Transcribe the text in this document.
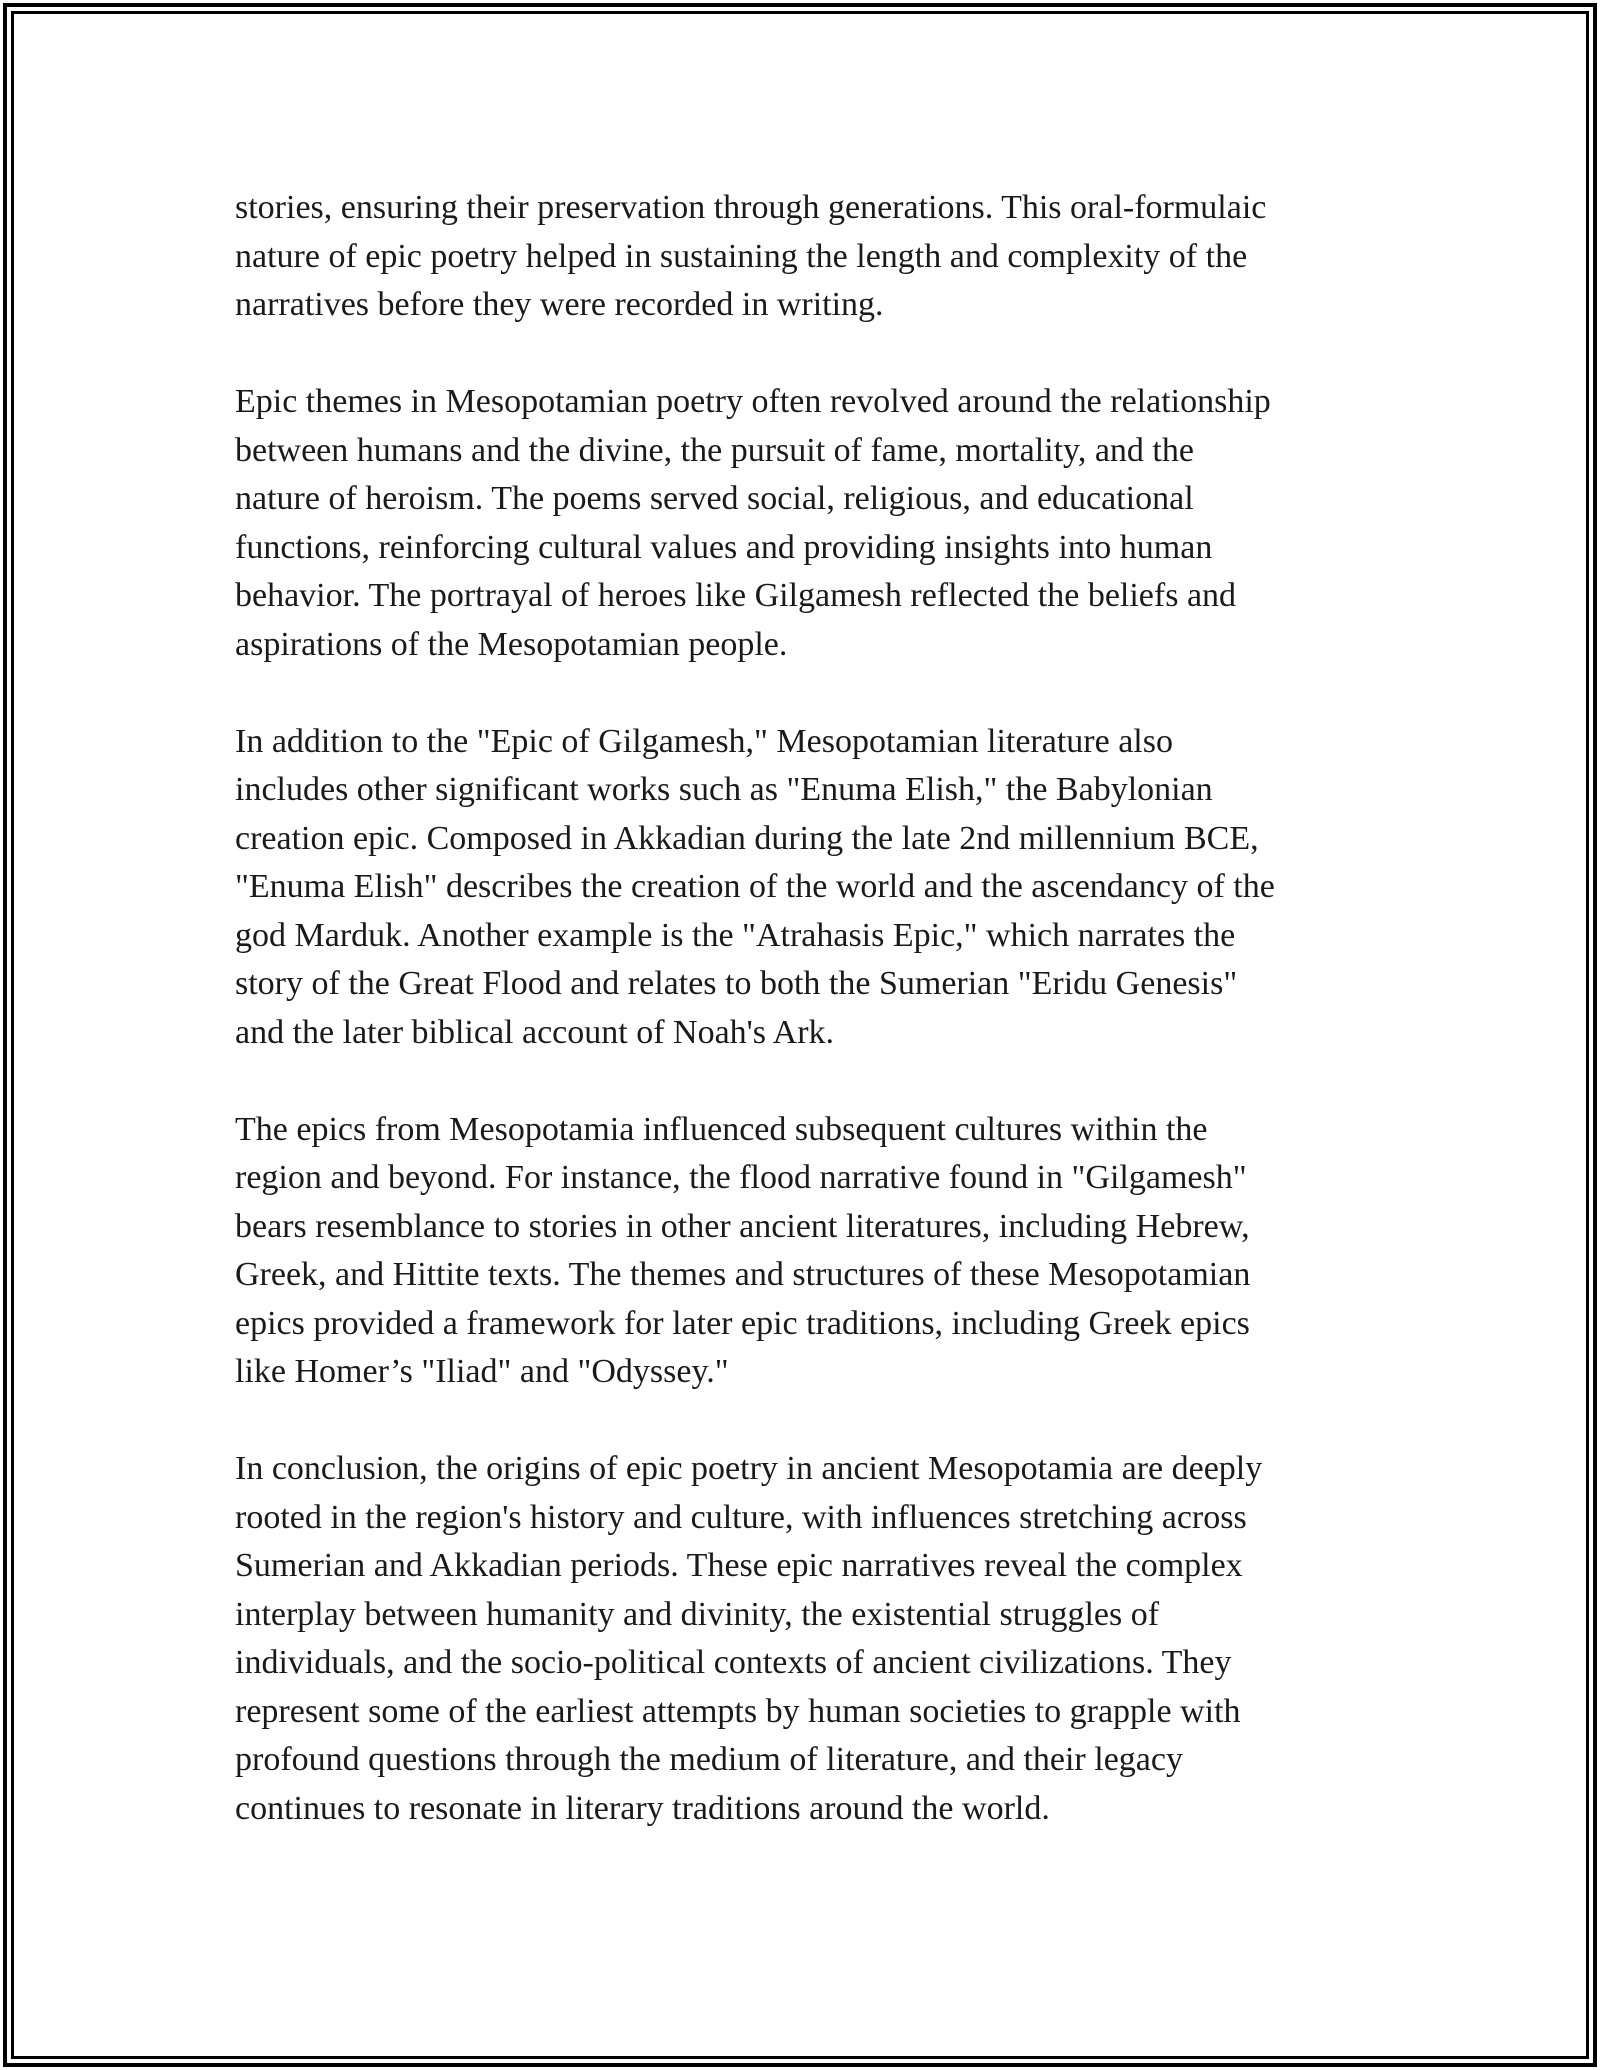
stories, ensuring their preservation through generations. This oral-formulaic
nature of epic poetry helped in sustaining the length and complexity of the
narratives before they were recorded in writing.

Epic themes in Mesopotamian poetry often revolved around the relationship
between humans and the divine, the pursuit of fame, mortality, and the
nature of heroism. The poems served social, religious, and educational
functions, reinforcing cultural values and providing insights into human
behavior. The portrayal of heroes like Gilgamesh reflected the beliefs and
aspirations of the Mesopotamian people.

In addition to the "Epic of Gilgamesh," Mesopotamian literature also
includes other significant works such as "Enuma Elish," the Babylonian
creation epic. Composed in Akkadian during the late 2nd millennium BCE,
"Enuma Elish" describes the creation of the world and the ascendancy of the
god Marduk. Another example is the "Atrahasis Epic," which narrates the
story of the Great Flood and relates to both the Sumerian "Eridu Genesis"
and the later biblical account of Noah's Ark.

The epics from Mesopotamia influenced subsequent cultures within the
region and beyond. For instance, the flood narrative found in "Gilgamesh"
bears resemblance to stories in other ancient literatures, including Hebrew,
Greek, and Hittite texts. The themes and structures of these Mesopotamian
epics provided a framework for later epic traditions, including Greek epics
like Homer’s "Iliad" and "Odyssey."

In conclusion, the origins of epic poetry in ancient Mesopotamia are deeply
rooted in the region's history and culture, with influences stretching across
Sumerian and Akkadian periods. These epic narratives reveal the complex
interplay between humanity and divinity, the existential struggles of
individuals, and the socio-political contexts of ancient civilizations. They
represent some of the earliest attempts by human societies to grapple with
profound questions through the medium of literature, and their legacy
continues to resonate in literary traditions around the world.
